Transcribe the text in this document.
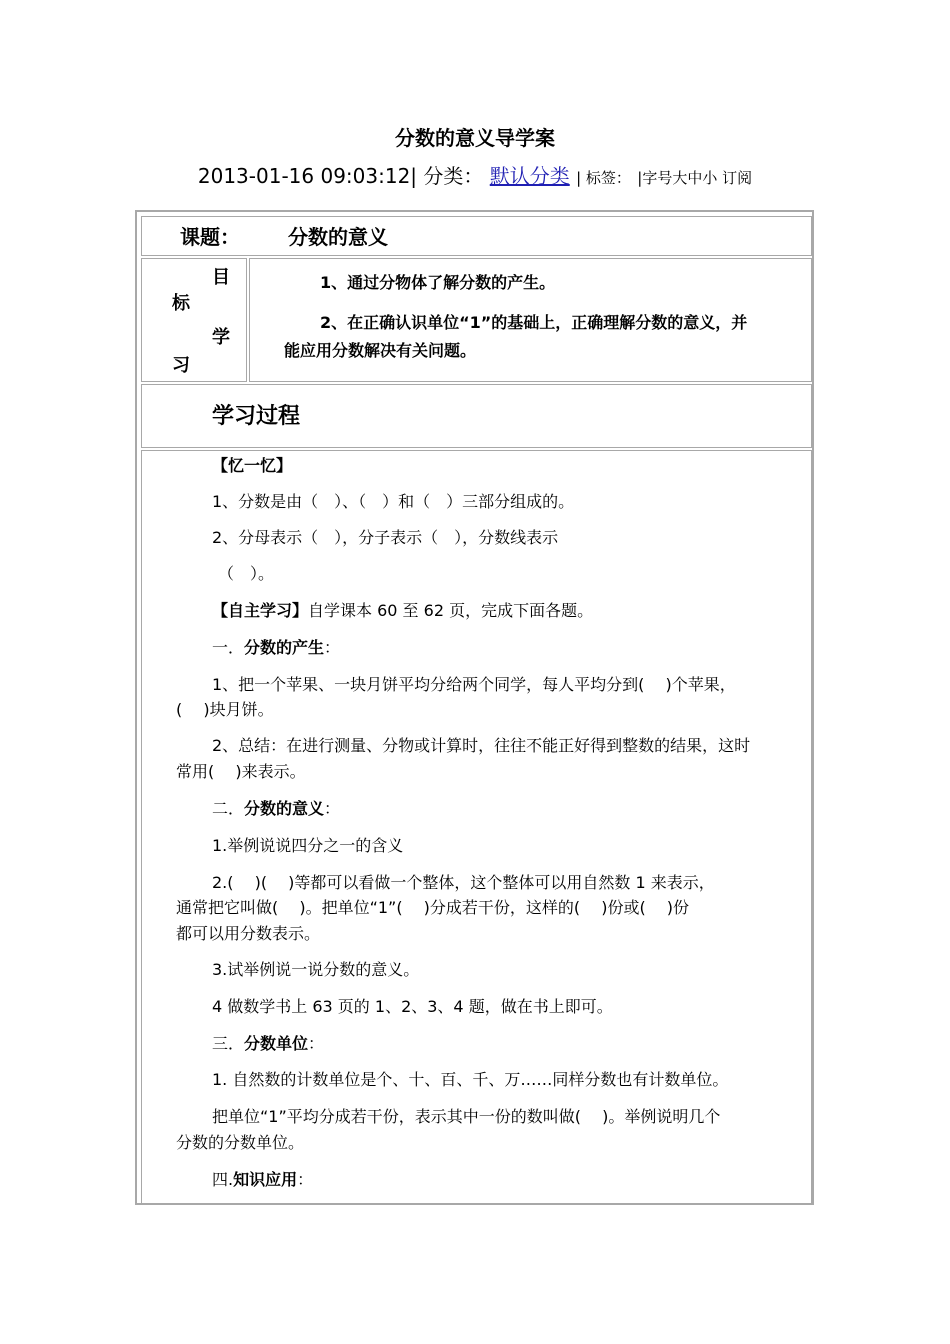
分数的意义导学案
2013-01-16 09:03:12| 分类： 默认分类 | 标签： |字号大中小 订阅
课题： 分数的意义
目
标
学
习
1、通过分物体了解分数的产生。
2、在正确认识单位“1”的基础上，正确理解分数的意义，并
能应用分数解决有关问题。
学习过程
【忆一忆】
1、分数是由（　）、（　）和（　）三部分组成的。
2、分母表示（　），分子表示（　），分数线表示
（　）。
【自主学习】自学课本 60 至 62 页，完成下面各题。
一．分数的产生：
1、把一个苹果、一块月饼平均分给两个同学，每人平均分到(　 )个苹果，
(　 )块月饼。
2、总结：在进行测量、分物或计算时，往往不能正好得到整数的结果，这时
常用(　 )来表示。
二．分数的意义：
1.举例说说四分之一的含义
2.(　 )(　 )等都可以看做一个整体，这个整体可以用自然数 1 来表示，
通常把它叫做(　 )。把单位“1”(　 )分成若干份，这样的(　 )份或(　 )份
都可以用分数表示。
3.试举例说一说分数的意义。
4 做数学书上 63 页的 1、2、3、4 题，做在书上即可。
三．分数单位：
1. 自然数的计数单位是个、十、百、千、万……同样分数也有计数单位。
把单位“1”平均分成若干份，表示其中一份的数叫做(　 )。举例说明几个
分数的分数单位。
四.知识应用：
